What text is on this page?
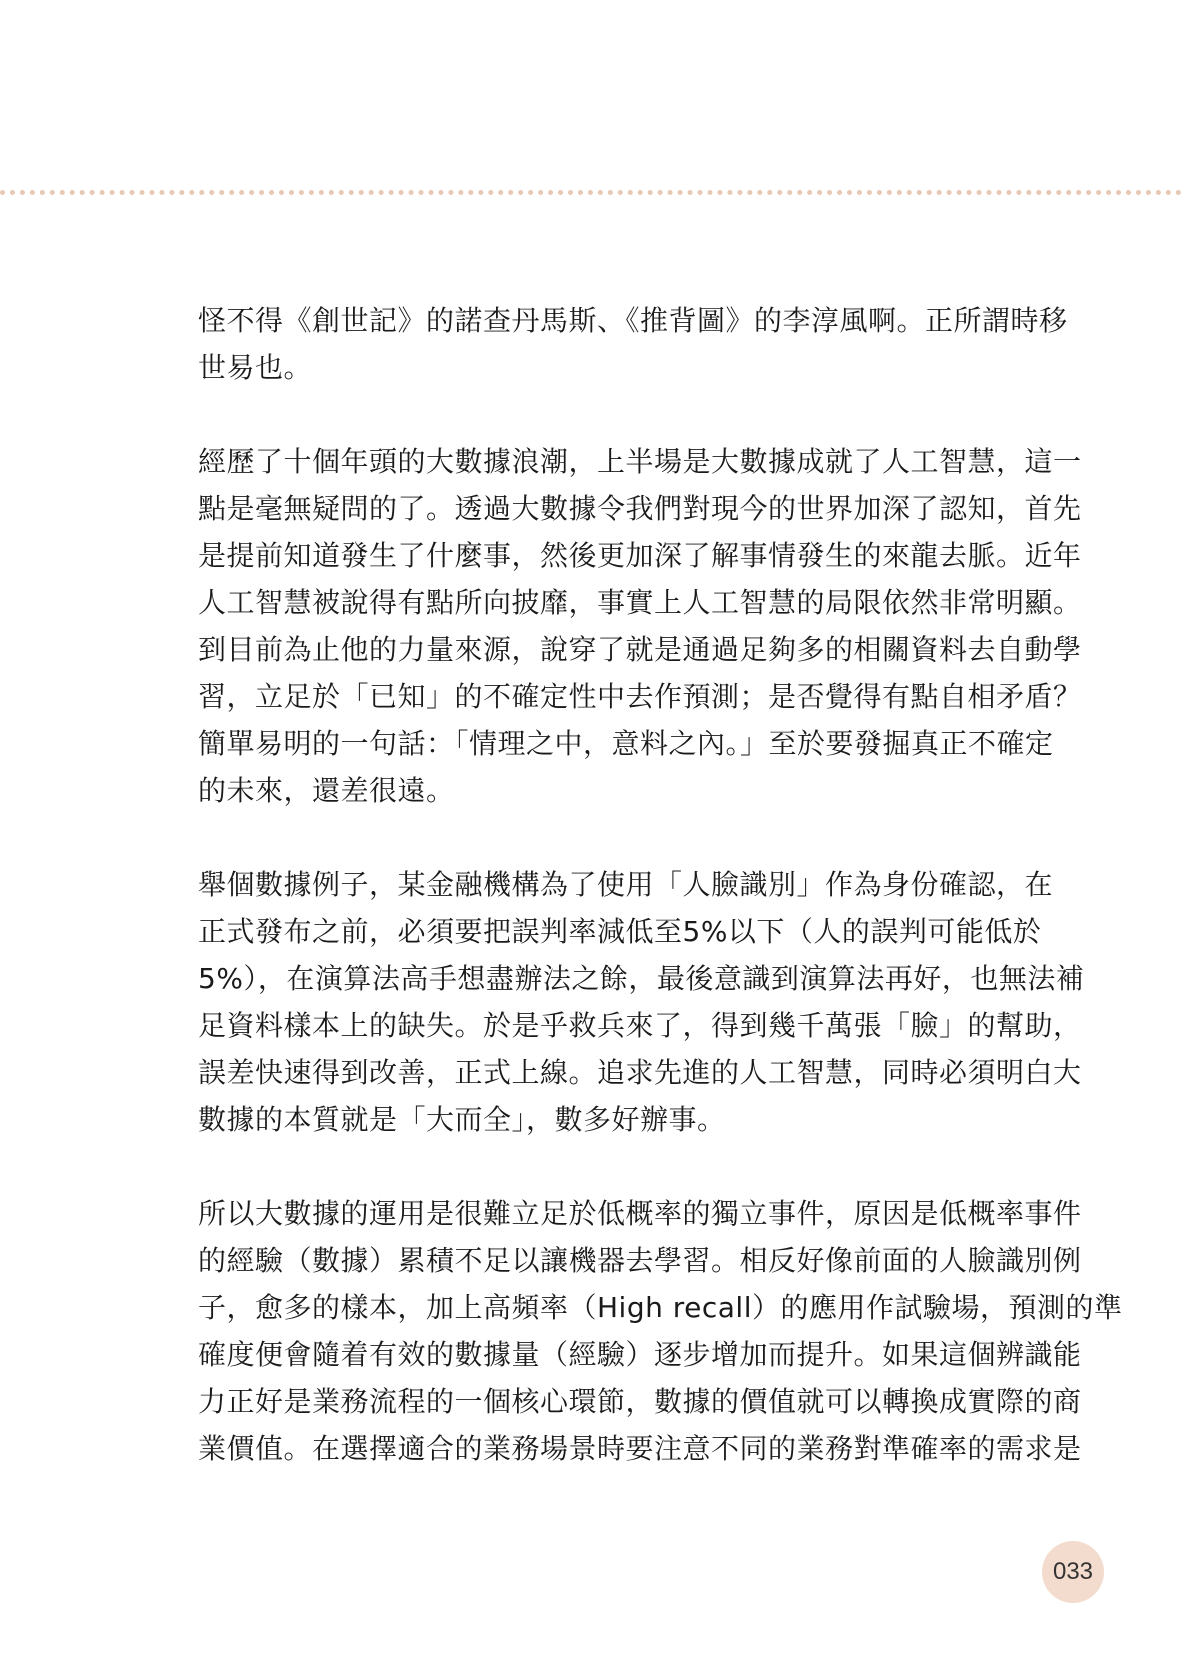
怪不得《創世記》的諾查丹馬斯、《推背圖》的李淳風啊。正所謂時移
世易也。

經歷了十個年頭的大數據浪潮，上半場是大數據成就了人工智慧，這一
點是毫無疑問的了。透過大數據令我們對現今的世界加深了認知，首先
是提前知道發生了什麼事，然後更加深了解事情發生的來龍去脈。近年
人工智慧被說得有點所向披靡，事實上人工智慧的局限依然非常明顯。
到目前為止他的力量來源，說穿了就是通過足夠多的相關資料去自動學
習，立足於「已知」的不確定性中去作預測；是否覺得有點自相矛盾？
簡單易明的一句話：「情理之中，意料之內。」至於要發掘真正不確定
的未來，還差很遠。

舉個數據例子，某金融機構為了使用「人臉識別」作為身份確認，在
正式發布之前，必須要把誤判率減低至5%以下（人的誤判可能低於
5%），在演算法高手想盡辦法之餘，最後意識到演算法再好，也無法補
足資料樣本上的缺失。於是乎救兵來了，得到幾千萬張「臉」的幫助，
誤差快速得到改善，正式上線。追求先進的人工智慧，同時必須明白大
數據的本質就是「大而全」，數多好辦事。

所以大數據的運用是很難立足於低概率的獨立事件，原因是低概率事件
的經驗（數據）累積不足以讓機器去學習。相反好像前面的人臉識別例
子，愈多的樣本，加上高頻率（High recall）的應用作試驗場，預測的準
確度便會隨着有效的數據量（經驗）逐步增加而提升。如果這個辨識能
力正好是業務流程的一個核心環節，數據的價值就可以轉換成實際的商
業價值。在選擇適合的業務場景時要注意不同的業務對準確率的需求是

033
